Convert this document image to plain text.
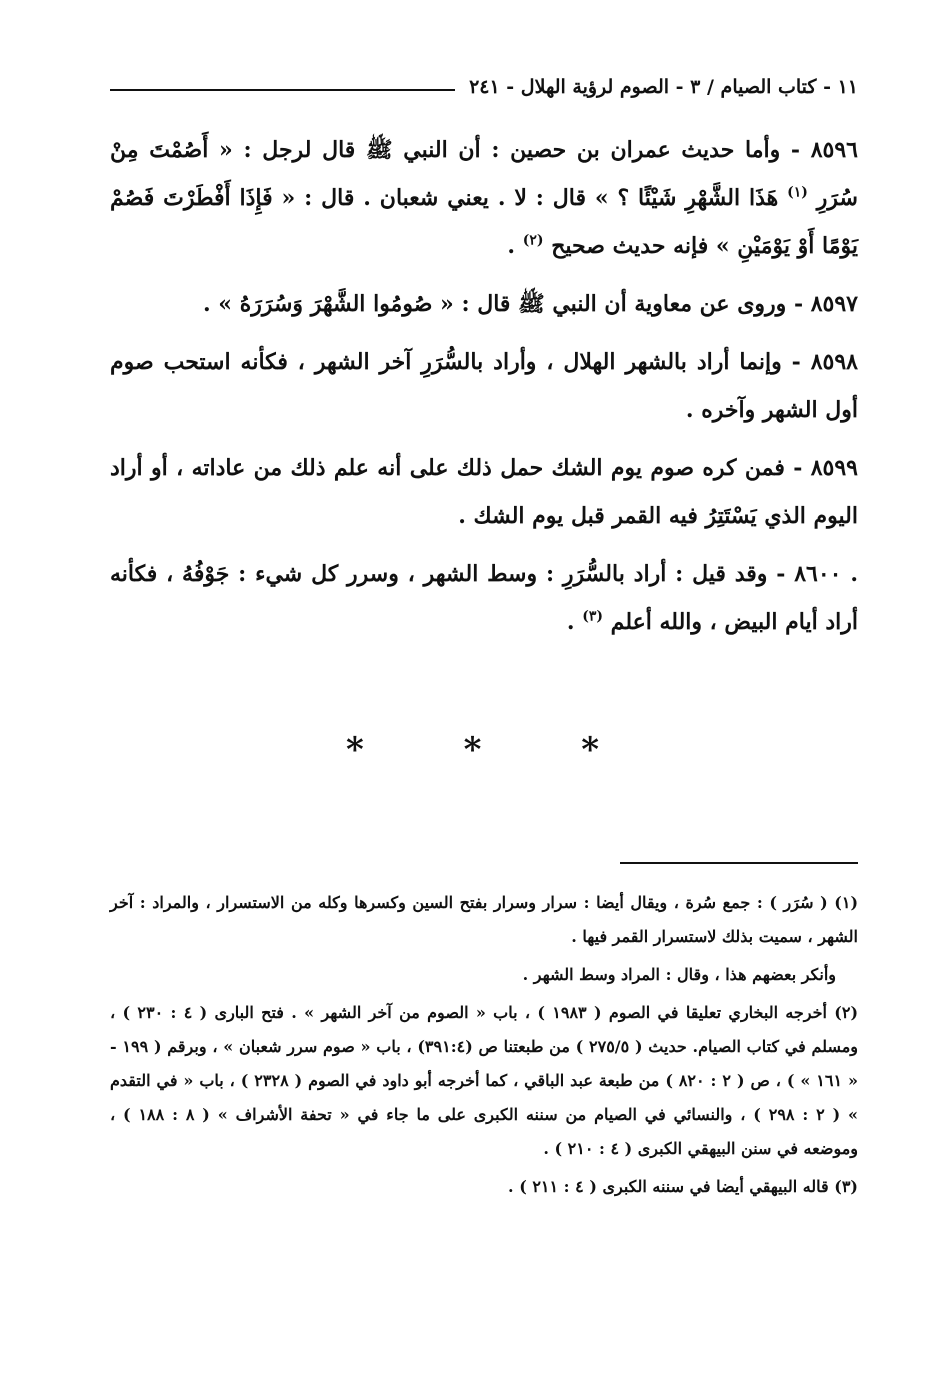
١١ - كتاب الصيام / ٣ - الصوم لرؤية الهلال - ٢٤١

٨٥٩٦ - وأما حديث عمران بن حصين : أن النبي ﷺ قال لرجل : « أَصُمْتَ مِنْ سُرَرِ $^{(١)}$ هَذَا الشَّهْرِ شَيْئًا ؟ » قال : لا . يعني شعبان . قال : « فَإِذَا أَفْطَرْتَ فَصُمْ يَوْمًا أَوْ يَوْمَيْنِ » فإنه حديث صحيح $^{(٢)}$ .

٨٥٩٧ - وروى عن معاوية أن النبي ﷺ قال : « صُومُوا الشَّهْرَ وَسُرَرَهُ » .

٨٥٩٨ - وإنما أراد بالشهر الهلال ، وأراد بالسُّرَرِ آخر الشهر ، فكأنه استحب صوم أول الشهر وآخره .

٨٥٩٩ - فمن كره صوم يوم الشك حمل ذلك على أنه علم ذلك من عاداته ، أو أراد اليوم الذي يَسْتَتِرُ فيه القمر قبل يوم الشك .

. ٨٦٠٠ - وقد قيل : أراد بالسُّرَرِ : وسط الشهر ، وسرر كل شيء : جَوْفُهُ ، فكأنه أراد أيام البيض ، والله أعلم $^{(٣)}$ .

* * *

(١) ( سُرَر ) : جمع سُرة ، ويقال أيضا : سرار وسرار بفتح السين وكسرها وكله من الاستسرار ، والمراد : آخر الشهر ، سميت بذلك لاستسرار القمر فيها .

وأنكر بعضهم هذا ، وقال : المراد وسط الشهر .

(٢) أخرجه البخاري تعليقا في الصوم ( ١٩٨٣ ) ، باب « الصوم من آخر الشهر » . فتح البارى ( ٤ : ٢٣٠ ) ، ومسلم في كتاب الصيام. حديث ( ٢٧٥/٥ ) من طبعتنا ص (٣٩١:٤) ، باب « صوم سرر شعبان » ، وبرقم ( ١٩٩ - « ١٦١ » ) ، ص ( ٢ : ٨٢٠ ) من طبعة عبد الباقي ، كما أخرجه أبو داود في الصوم ( ٢٣٢٨ ) ، باب « في التقدم » ( ٢ : ٢٩٨ ) ، والنسائي في الصيام من سننه الكبرى على ما جاء في « تحفة الأشراف » ( ٨ : ١٨٨ ) ، وموضعه في سنن البيهقي الكبرى ( ٤ : ٢١٠ ) .

(٣) قاله البيهقي أيضا في سننه الكبرى ( ٤ : ٢١١ ) .
